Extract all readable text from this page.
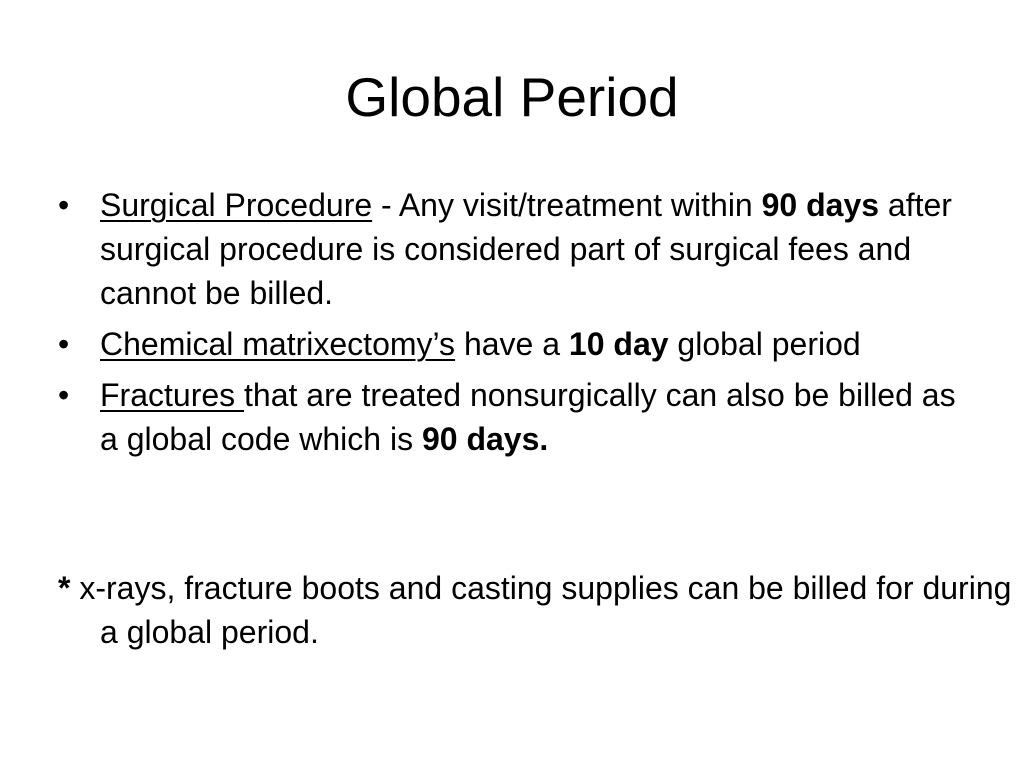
Global Period
• Surgical Procedure - Any visit/treatment within 90 days after surgical procedure is considered part of surgical fees and cannot be billed.
• Chemical matrixectomy’s have a 10 day global period
• Fractures that are treated nonsurgically can also be billed as a global code which is 90 days.

* x-rays, fracture boots and casting supplies can be billed for during a global period.
